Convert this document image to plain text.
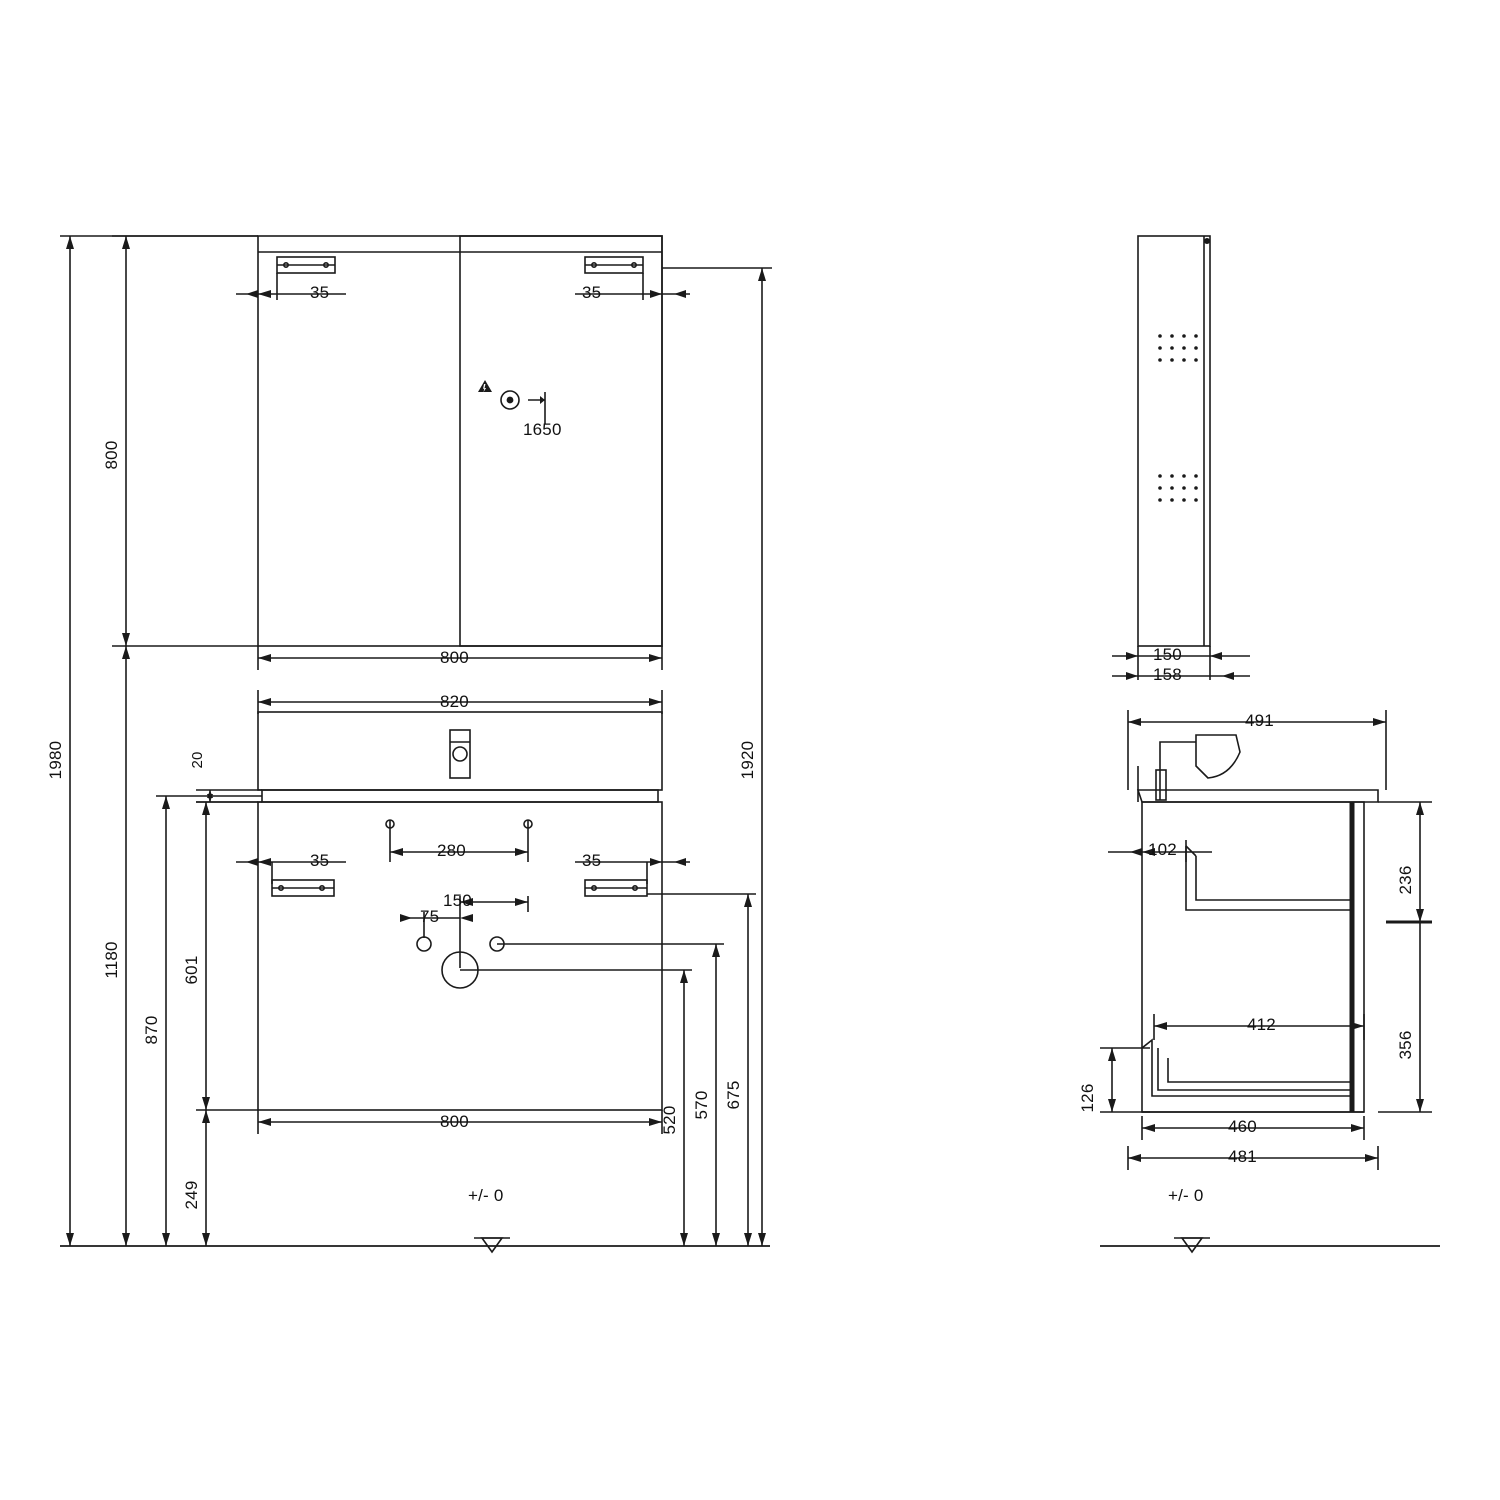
35	35
1650
800
800
820
20
35	35
280
150
75
800
1980
1180
870
601
249
1920
675
570
520
+/- 0
150
158
491
102
412
126
460
481
236
356
+/- 0
